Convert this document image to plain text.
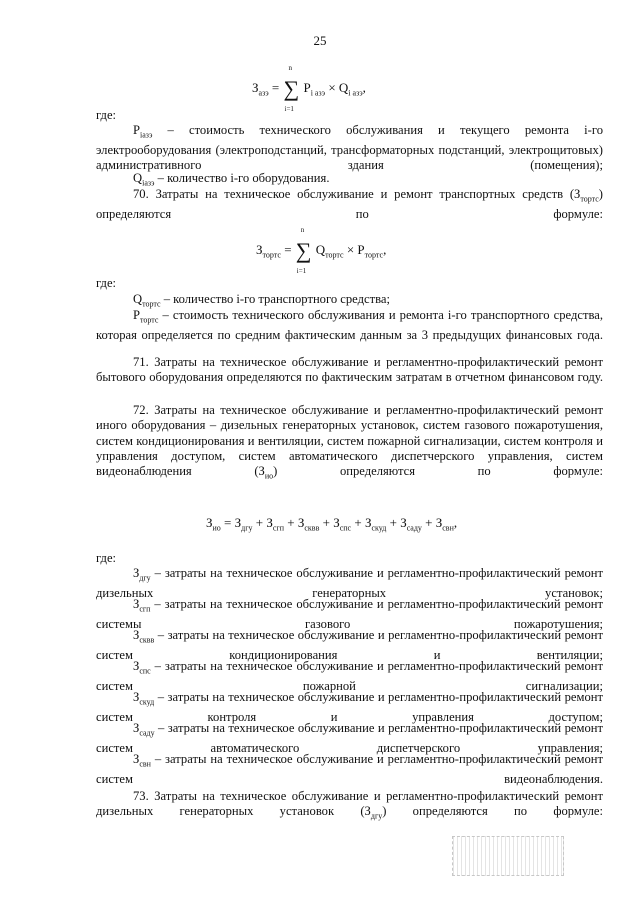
25
$З_{азэ}$ = ∑
n
i=1
$P_{i азэ} \times Q_{i азэ}$,

где:

$Р_{iазэ}$ – стоимость технического обслуживания и текущего ремонта i-го электрооборудования (электроподстанций, трансформаторных подстанций, электрощитовых) административного здания (помещения);

$Q_{iазэ}$ – количество i-го оборудования.

70. Затраты на техническое обслуживание и ремонт транспортных средств $(З_{тортс})$ определяются по формуле:

$З_{тортс}$ = ∑
n
i=1
$Q_{тортс} \times P_{тортс}$,

где:

$Q_{тортс}$ – количество i-го транспортного средства;

$Р_{тортс}$ – стоимость технического обслуживания и ремонта i-го транспортного средства, которая определяется по средним фактическим данным за 3 предыдущих финансовых года.

71. Затраты на техническое обслуживание и регламентно-профилактический ремонт бытового оборудования определяются по фактическим затратам в отчетном финансовом году.

72. Затраты на техническое обслуживание и регламентно-профилактический ремонт иного оборудования – дизельных генераторных установок, систем газового пожаротушения, систем кондиционирования и вентиляции, систем пожарной сигнализации, систем контроля и управления доступом, систем автоматического диспетчерского управления, систем видеонаблюдения $(З_{ио})$ определяются по формуле:

$З_{ио} = З_{дгу} + З_{сгп} + З_{сквв} + З_{спс} + З_{скуд} + З_{сaду} + З_{свн}$,

где:

$З_{дгу}$ – затраты на техническое обслуживание и регламентно-профилактический ремонт дизельных генераторных установок;

$З_{сгп}$ – затраты на техническое обслуживание и регламентно-профилактический ремонт системы газового пожаротушения;

$З_{сквв}$ – затраты на техническое обслуживание и регламентно-профилактический ремонт систем кондиционирования и вентиляции;

$З_{спс}$ – затраты на техническое обслуживание и регламентно-профилактический ремонт систем пожарной сигнализации;

$З_{скуд}$ – затраты на техническое обслуживание и регламентно-профилактический ремонт систем контроля и управления доступом;

$З_{саду}$ – затраты на техническое обслуживание и регламентно-профилактический ремонт систем автоматического диспетчерского управления;

$З_{свн}$ – затраты на техническое обслуживание и регламентно-профилактический ремонт систем видеонаблюдения.

73. Затраты на техническое обслуживание и регламентно-профилактический ремонт дизельных генераторных установок $(З_{дгу})$ определяются по формуле:
